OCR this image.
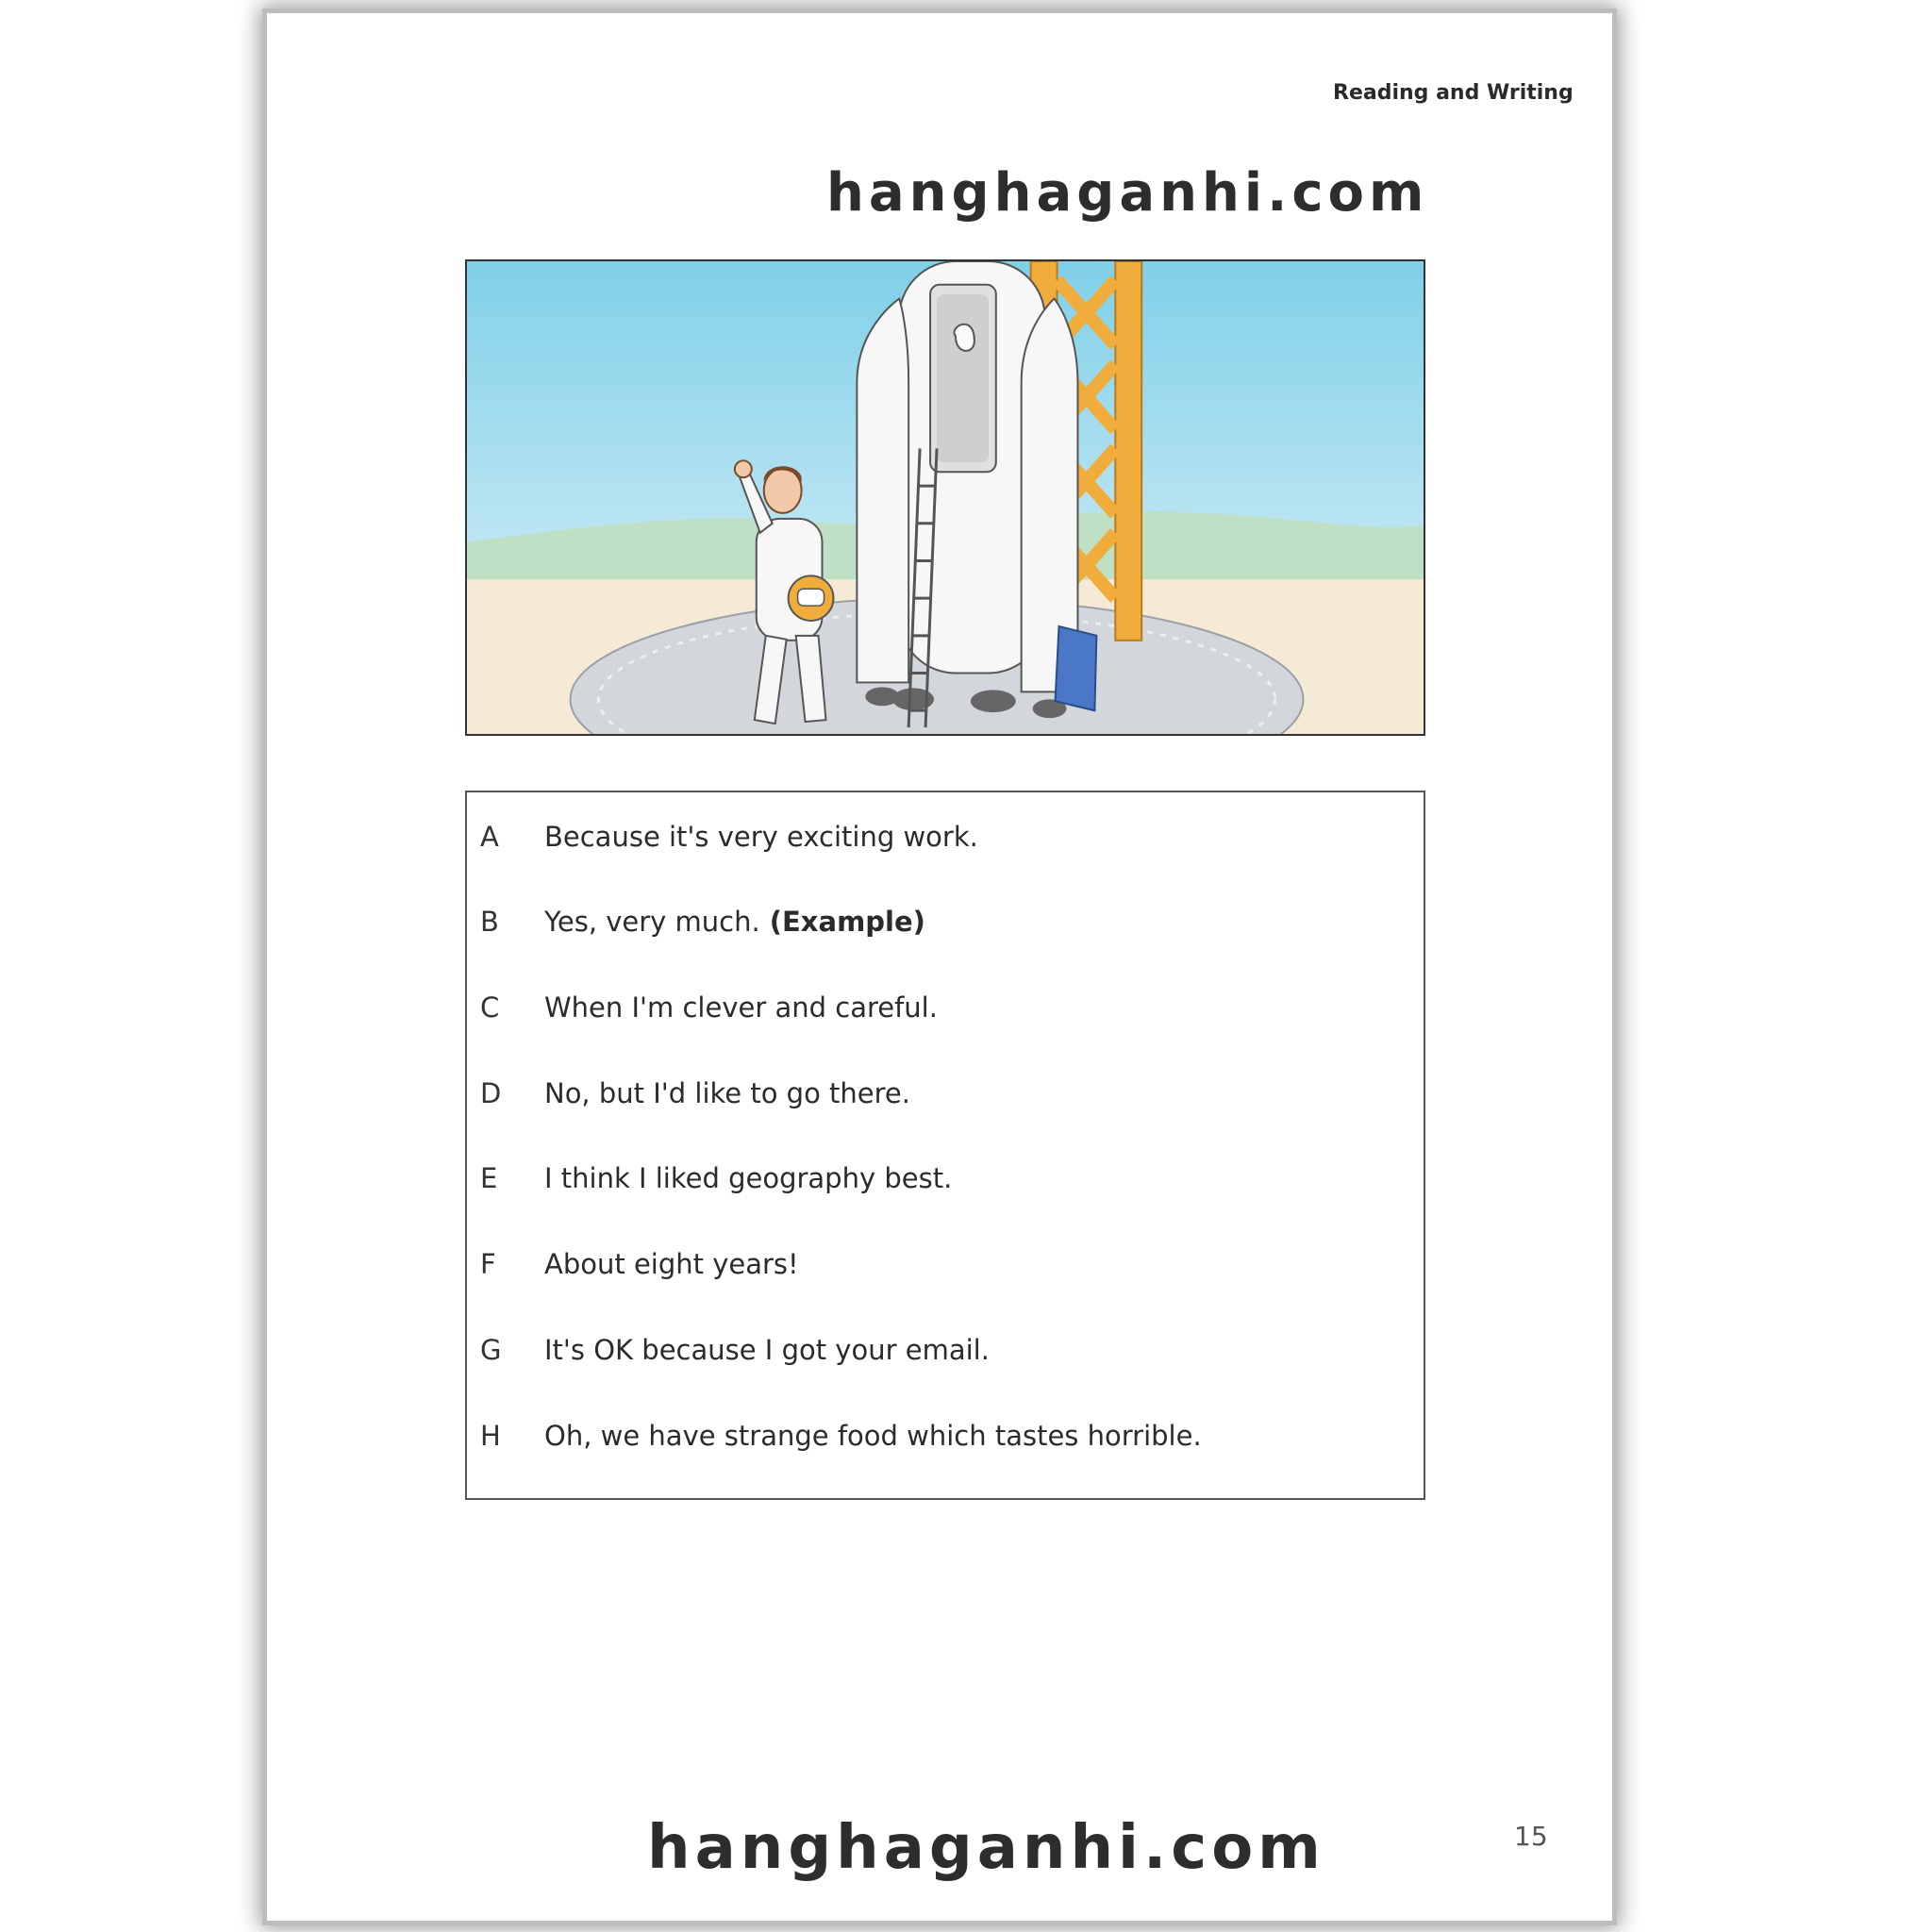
Reading and Writing
hanghaganhi.com
A Because it's very exciting work.
B Yes, very much. (Example)
C When I'm clever and careful.
D No, but I'd like to go there.
E I think I liked geography best.
F About eight years!
G It's OK because I got your email.
H Oh, we have strange food which tastes horrible.
hanghaganhi.com	15
